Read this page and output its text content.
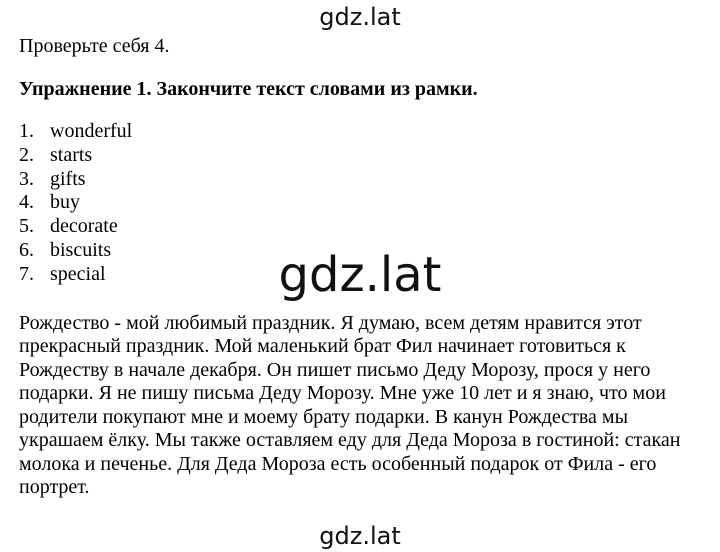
gdz.lat

Проверьте себя 4.

Упражнение 1. Закончите текст словами из рамки.

1. wonderful
2. starts
3. gifts
4. buy
5. decorate
6. biscuits
7. special

Рождество - мой любимый праздник. Я думаю, всем детям нравится этот прекрасный праздник. Мой маленький брат Фил начинает готовиться к Рождеству в начале декабря. Он пишет письмо Деду Морозу, прося у него подарки. Я не пишу письма Деду Морозу. Мне уже 10 лет и я знаю, что мои родители покупают мне и моему брату подарки. В канун Рождества мы украшаем ёлку. Мы также оставляем еду для Деда Мороза в гостиной: стакан молока и печенье. Для Деда Мороза есть особенный подарок от Фила - его портрет.

gdz.lat
gdz.lat
